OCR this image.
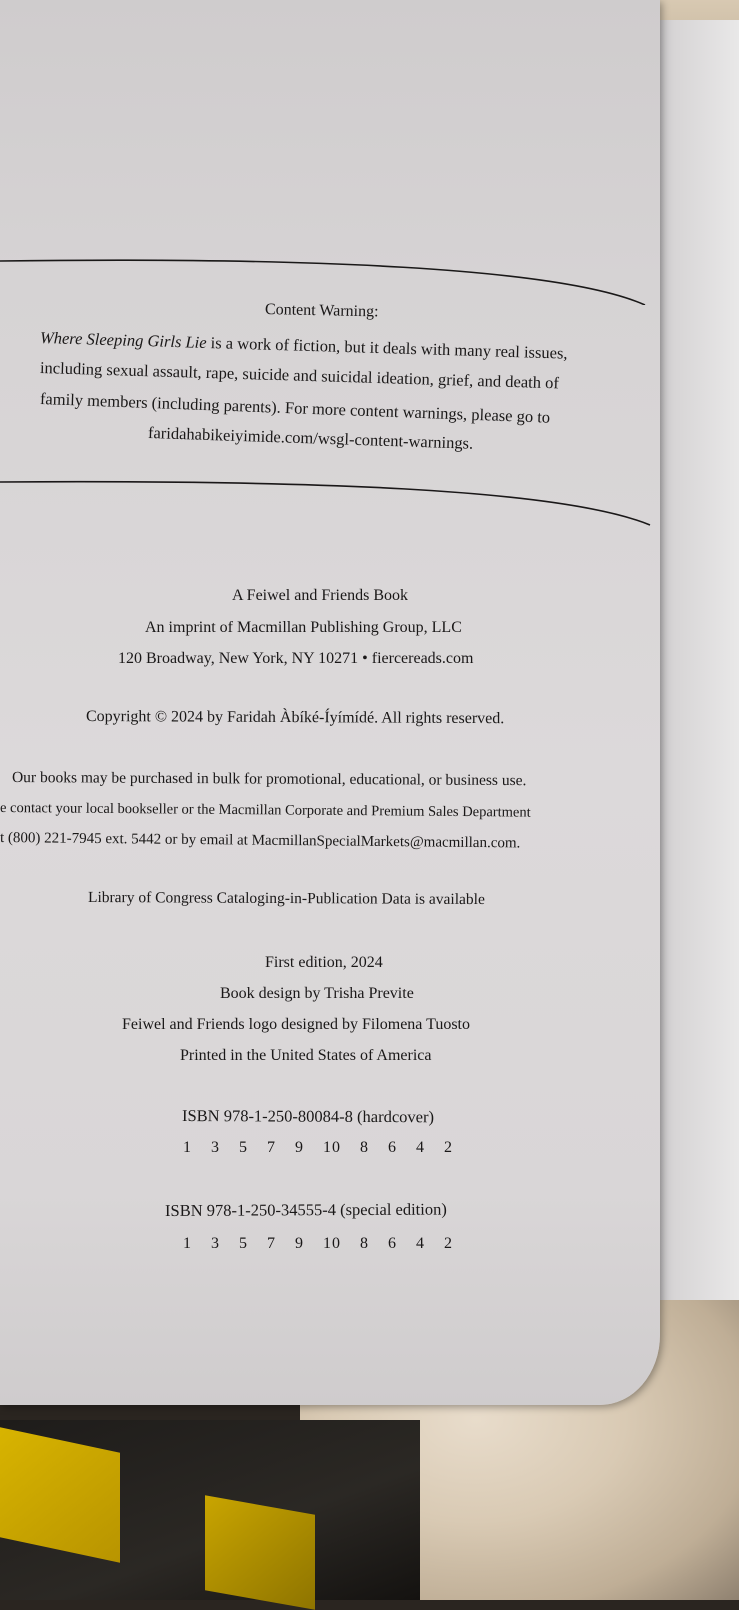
Content Warning:
Where Sleeping Girls Lie is a work of fiction, but it deals with many real issues,
including sexual assault, rape, suicide and suicidal ideation, grief, and death of
family members (including parents). For more content warnings, please go to
faridahabikeiyimide.com/wsgl-content-warnings.
A Feiwel and Friends Book
An imprint of Macmillan Publishing Group, LLC
120 Broadway, New York, NY 10271 • fiercereads.com
Copyright © 2024 by Faridah Àbíké-Íyímídé. All rights reserved.
Our books may be purchased in bulk for promotional, educational, or business use.
e contact your local bookseller or the Macmillan Corporate and Premium Sales Department
t (800) 221-7945 ext. 5442 or by email at MacmillanSpecialMarkets@macmillan.com.
Library of Congress Cataloging-in-Publication Data is available
First edition, 2024
Book design by Trisha Previte
Feiwel and Friends logo designed by Filomena Tuosto
Printed in the United States of America
ISBN 978-1-250-80084-8 (hardcover)
1 3 5 7 9 10 8 6 4 2
ISBN 978-1-250-34555-4 (special edition)
1 3 5 7 9 10 8 6 4 2
